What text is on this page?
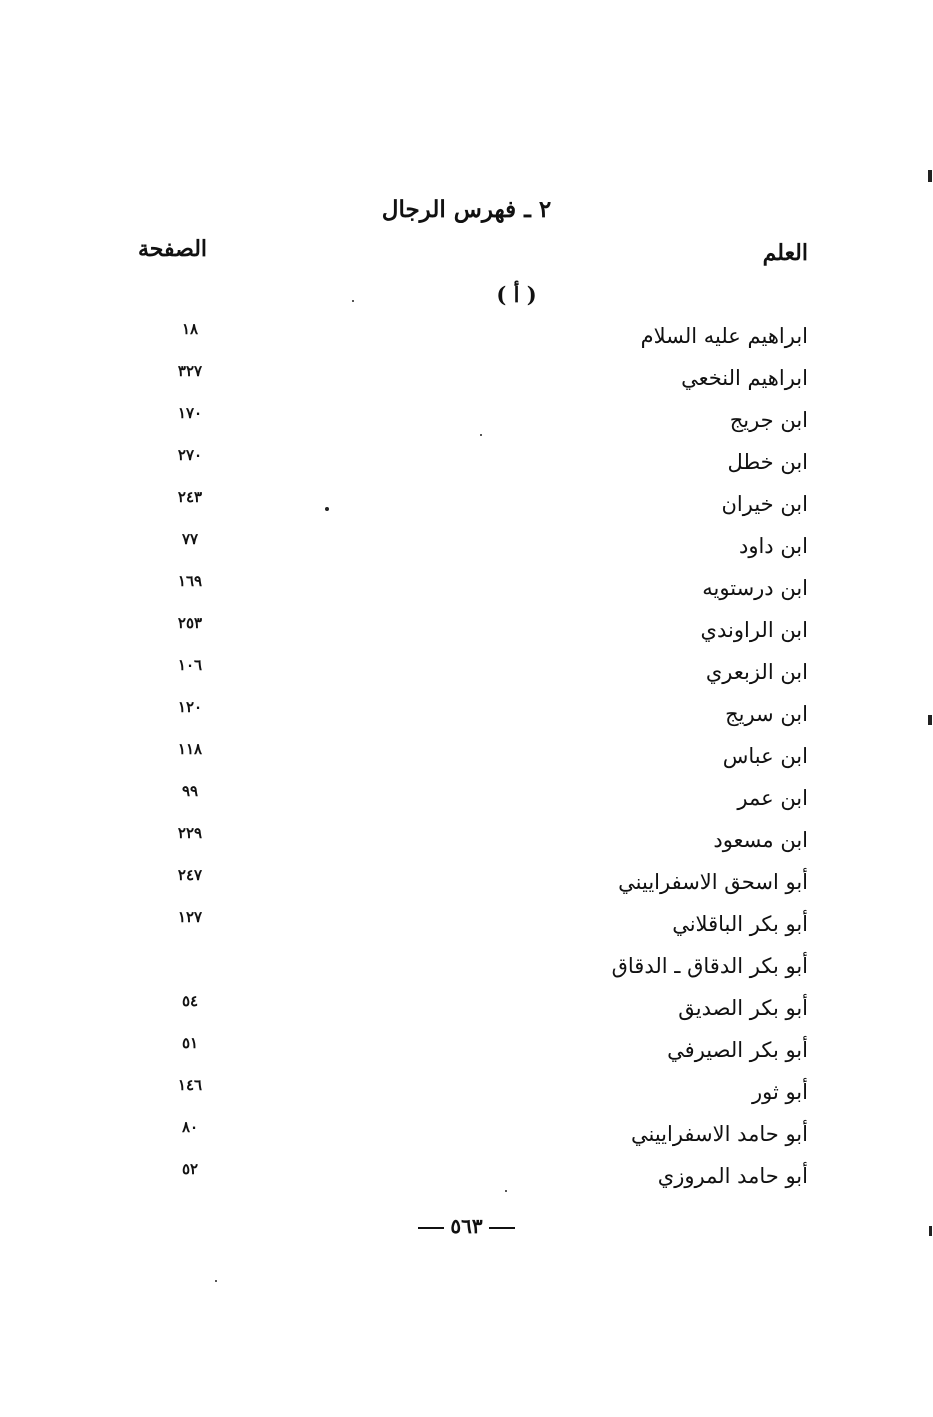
٢ ـ فهرس الرجال
العلم
الصفحة
( أ )
ابراهيم عليه السلام
١٨
ابراهيم النخعي
٣٢٧
ابن جريج
١٧٠
ابن خطل
٢٧٠
ابن خيران
٢٤٣
ابن داود
٧٧
ابن درستويه
١٦٩
ابن الراوندي
٢٥٣
ابن الزبعري
١٠٦
ابن سريج
١٢٠
ابن عباس
١١٨
ابن عمر
٩٩
ابن مسعود
٢٢٩
أبو اسحق الاسفراييني
٢٤٧
أبو بكر الباقلاني
١٢٧
أبو بكر الدقاق ـ الدقاق
أبو بكر الصديق
٥٤
أبو بكر الصيرفي
٥١
أبو ثور
١٤٦
أبو حامد الاسفراييني
٨٠
أبو حامد المروزي
٥٢
٥٦٣
